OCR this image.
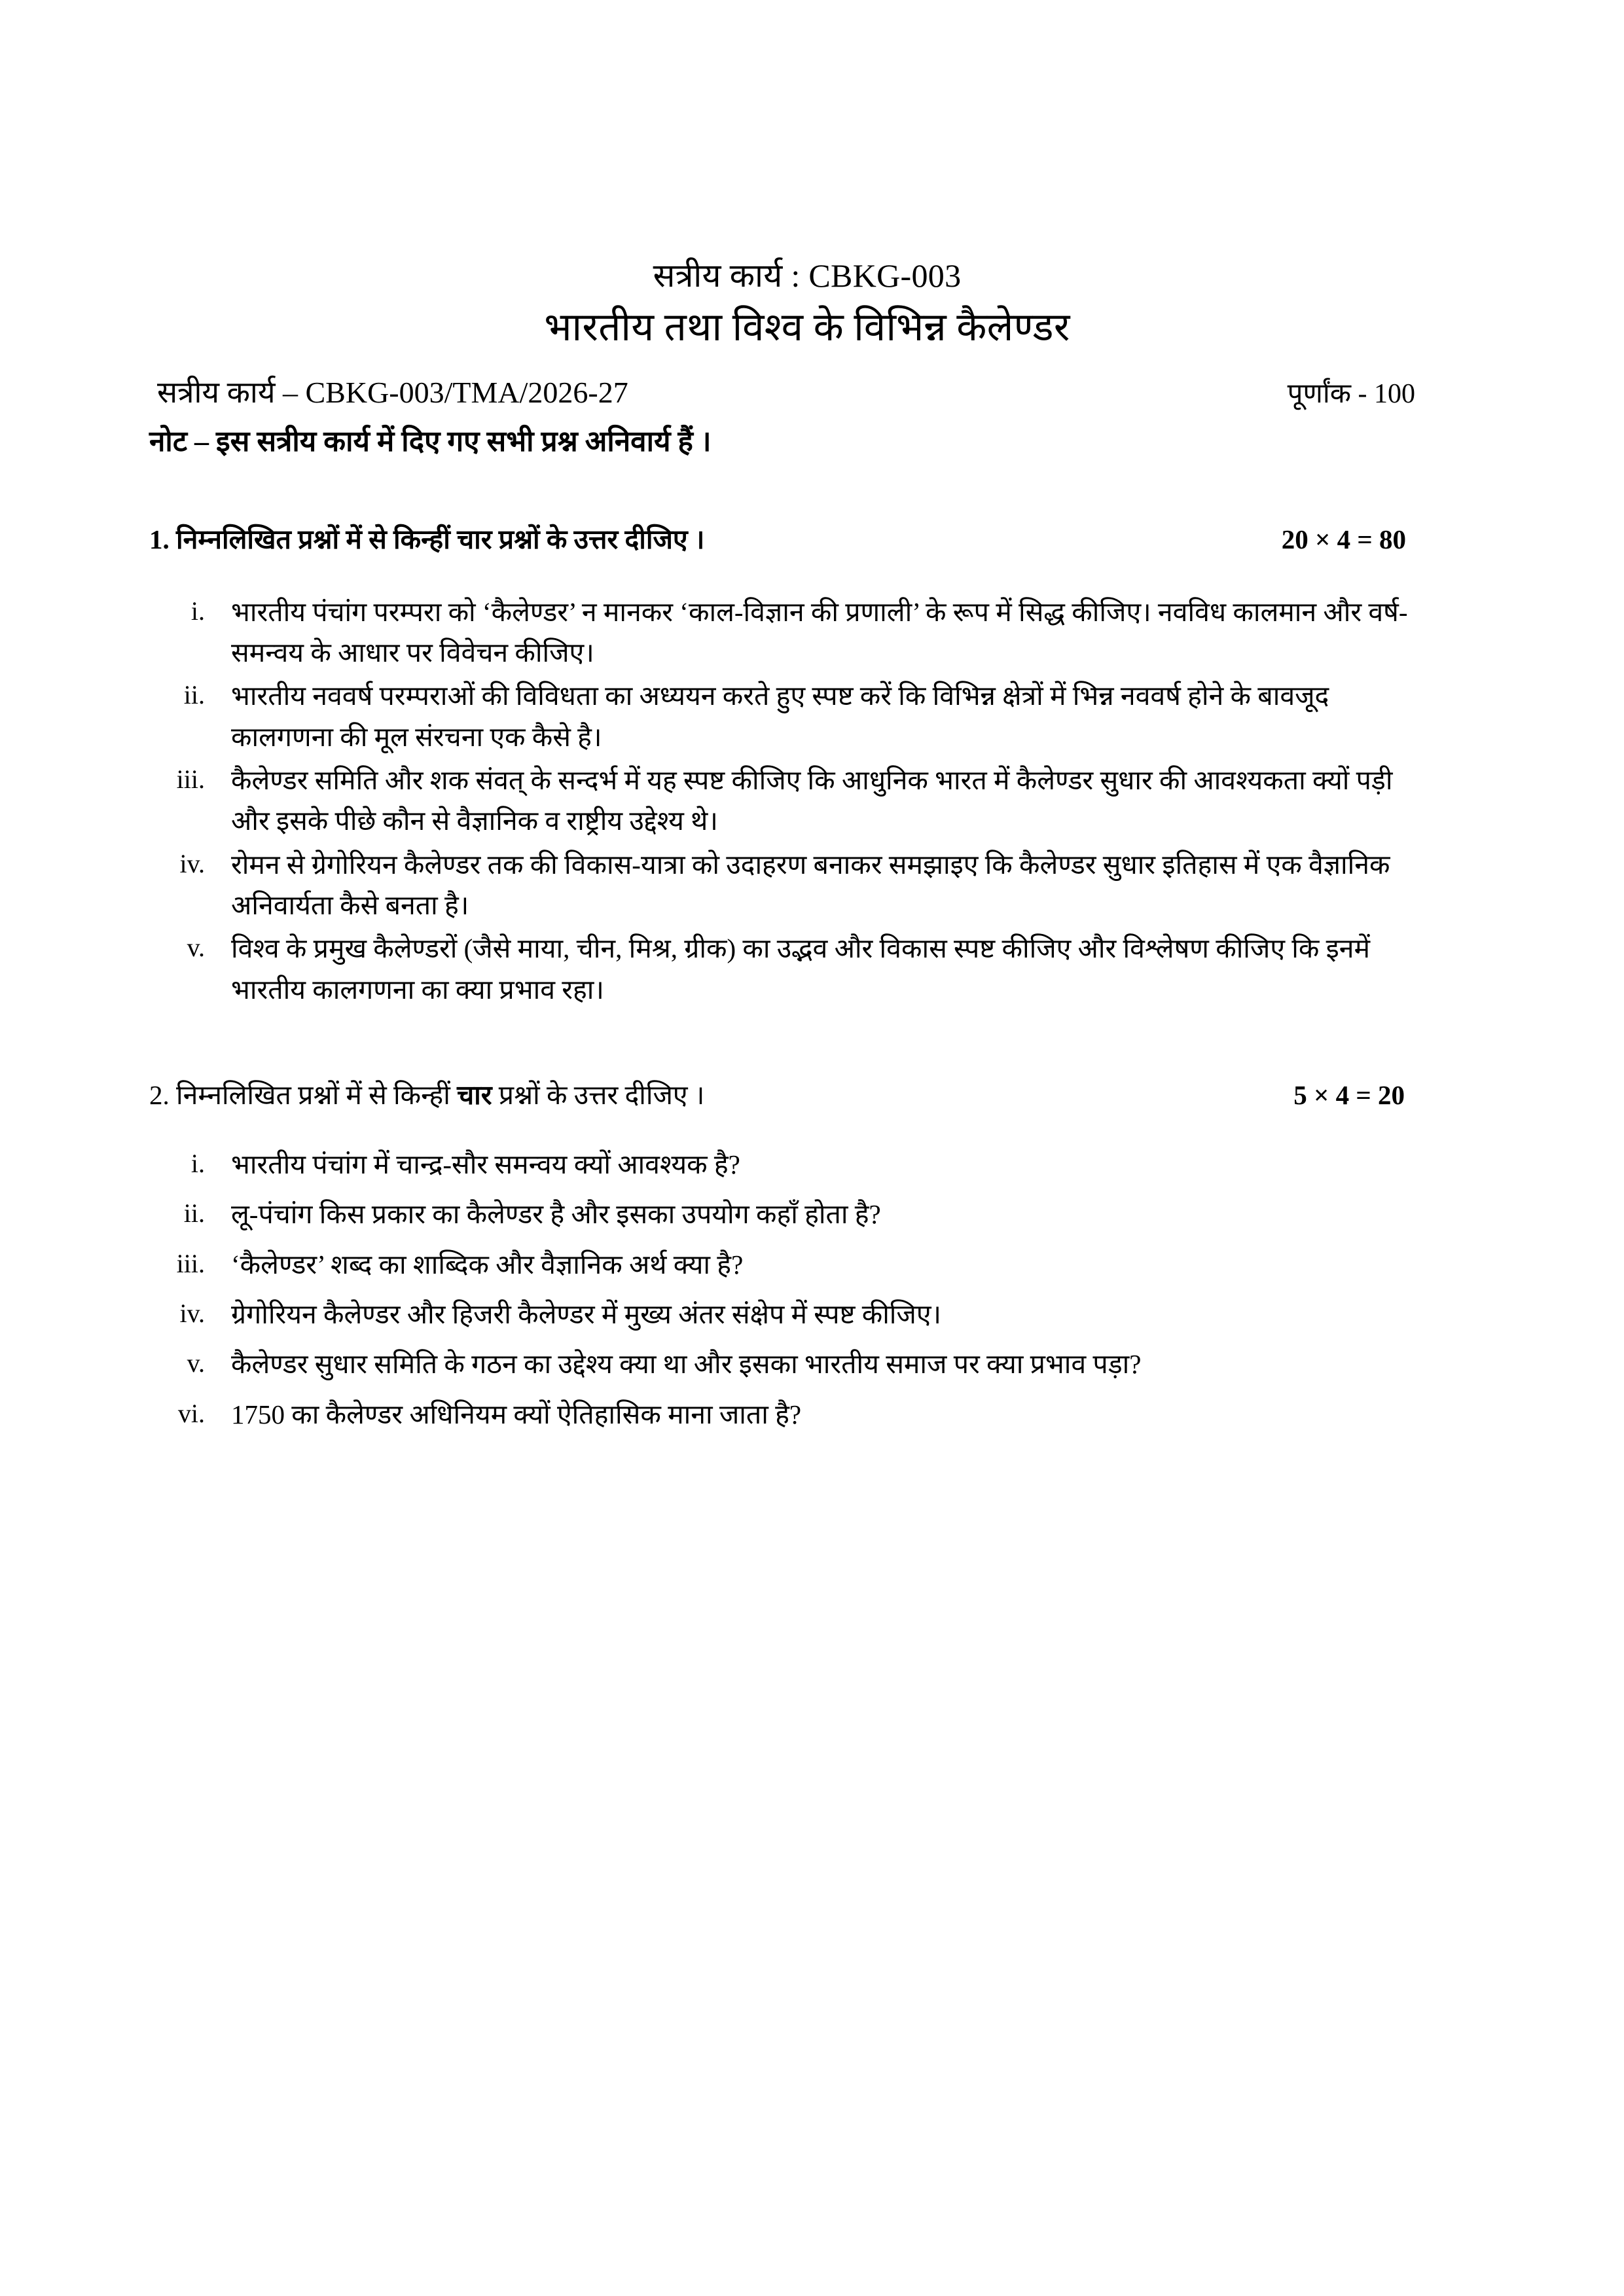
सत्रीय कार्य : CBKG-003
भारतीय तथा विश्व के विभिन्न कैलेण्डर
सत्रीय कार्य – CBKG-003/TMA/2026-27	पूर्णांक - 100
नोट – इस सत्रीय कार्य में दिए गए सभी प्रश्न अनिवार्य हैं ।
1. निम्नलिखित प्रश्नों में से किन्हीं चार प्रश्नों के उत्तर दीजिए ।	20 × 4 = 80
i. भारतीय पंचांग परम्परा को ‘कैलेण्डर’ न मानकर ‘काल-विज्ञान की प्रणाली’ के रूप में सिद्ध कीजिए। नवविध कालमान और वर्ष-समन्वय के आधार पर विवेचन कीजिए।
ii. भारतीय नववर्ष परम्पराओं की विविधता का अध्ययन करते हुए स्पष्ट करें कि विभिन्न क्षेत्रों में भिन्न नववर्ष होने के बावजूद कालगणना की मूल संरचना एक कैसे है।
iii. कैलेण्डर समिति और शक संवत् के सन्दर्भ में यह स्पष्ट कीजिए कि आधुनिक भारत में कैलेण्डर सुधार की आवश्यकता क्यों पड़ी और इसके पीछे कौन से वैज्ञानिक व राष्ट्रीय उद्देश्य थे।
iv. रोमन से ग्रेगोरियन कैलेण्डर तक की विकास-यात्रा को उदाहरण बनाकर समझाइए कि कैलेण्डर सुधार इतिहास में एक वैज्ञानिक अनिवार्यता कैसे बनता है।
v. विश्व के प्रमुख कैलेण्डरों (जैसे माया, चीन, मिश्र, ग्रीक) का उद्भव और विकास स्पष्ट कीजिए और विश्लेषण कीजिए कि इनमें भारतीय कालगणना का क्या प्रभाव रहा।
2. निम्नलिखित प्रश्नों में से किन्हीं चार प्रश्नों के उत्तर दीजिए ।	5 × 4 = 20
i. भारतीय पंचांग में चान्द्र-सौर समन्वय क्यों आवश्यक है?
ii. लू-पंचांग किस प्रकार का कैलेण्डर है और इसका उपयोग कहाँ होता है?
iii. ‘कैलेण्डर’ शब्द का शाब्दिक और वैज्ञानिक अर्थ क्या है?
iv. ग्रेगोरियन कैलेण्डर और हिजरी कैलेण्डर में मुख्य अंतर संक्षेप में स्पष्ट कीजिए।
v. कैलेण्डर सुधार समिति के गठन का उद्देश्य क्या था और इसका भारतीय समाज पर क्या प्रभाव पड़ा?
vi. 1750 का कैलेण्डर अधिनियम क्यों ऐतिहासिक माना जाता है?
